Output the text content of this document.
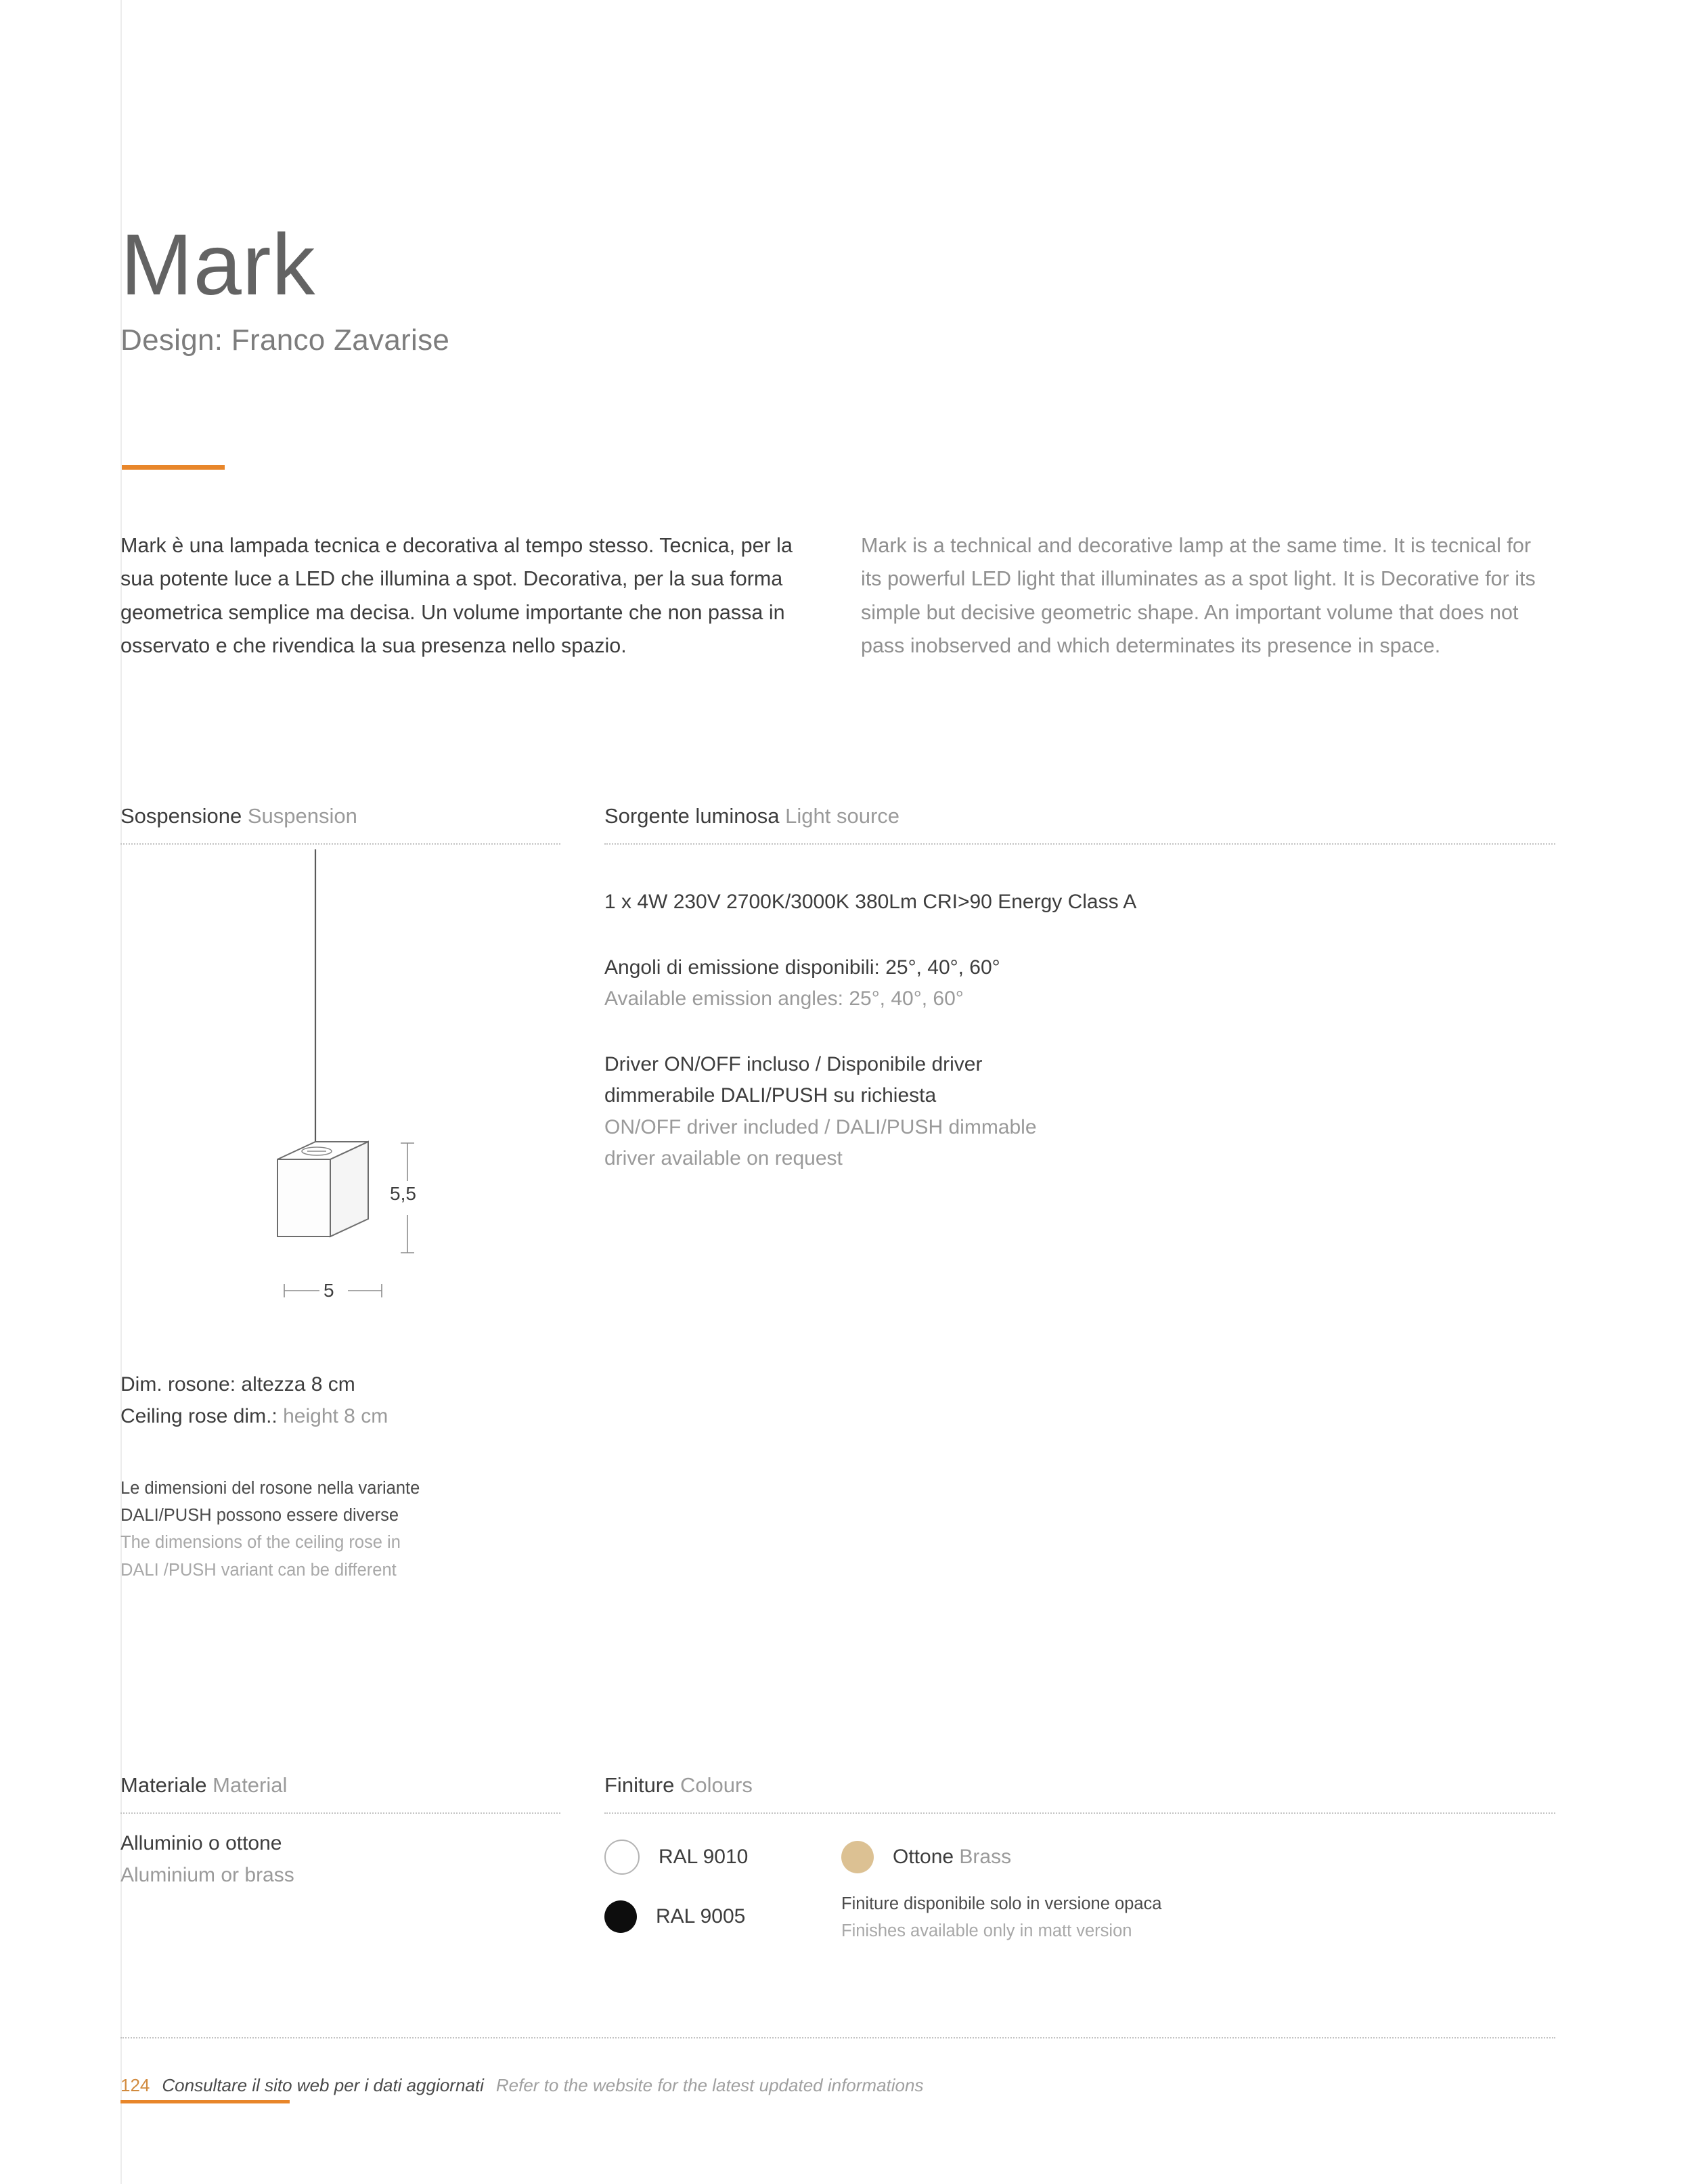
Mark
Design: Franco Zavarise
Mark è una lampada tecnica e decorativa al tempo stesso. Tecnica, per la sua potente luce a LED che illumina a spot. Decorativa, per la sua forma geometrica semplice ma decisa. Un volume importante che non passa in osservato e che rivendica la sua presenza nello spazio.
Mark is a technical and decorative lamp at the same time. It is tecnical for its powerful LED light that illuminates as a spot light. It is Decorative for its simple but decisive geometric shape. An important volume that does not pass inobserved and which determinates its presence in space.
Sospensione Suspension	Sorgente luminosa Light source
5,5
5
1 x 4W 230V 2700K/3000K 380Lm CRI>90 Energy Class A
Angoli di emissione disponibili: 25°, 40°, 60°
Available emission angles: 25°, 40°, 60°
Driver ON/OFF incluso / Disponibile driver
dimmerabile DALI/PUSH su richiesta
ON/OFF driver included / DALI/PUSH dimmable
driver available on request
Dim. rosone: altezza 8 cm
Ceiling rose dim.: height 8 cm
Le dimensioni del rosone nella variante
DALI/PUSH possono essere diverse
The dimensions of the ceiling rose in
DALI /PUSH variant can be different
Materiale Material	Finiture Colours
Alluminio o ottone
Aluminium or brass
RAL 9010
RAL 9005
Ottone Brass
Finiture disponibile solo in versione opaca
Finishes available only in matt version
124 Consultare il sito web per i dati aggiornati Refer to the website for the latest updated informations
